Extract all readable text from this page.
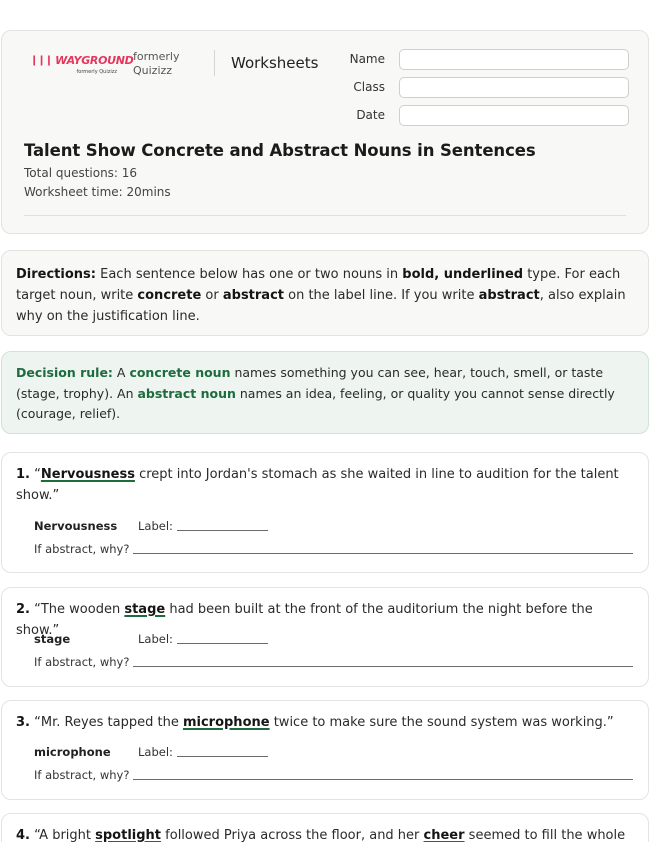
❙❙❙ WAYGROUND
formerly Quizizz
formerly
Quizizz	Worksheets	Name
Class
Date
Talent Show Concrete and Abstract Nouns in Sentences
Total questions: 16
Worksheet time: 20mins
Directions: Each sentence below has one or two nouns in bold, underlined type. For each target noun, write concrete or abstract on the label line. If you write abstract, also explain why on the justification line.
Decision rule: A concrete noun names something you can see, hear, touch, smell, or taste (stage, trophy). An abstract noun names an idea, feeling, or quality you cannot sense directly (courage, relief).
1. “Nervousness crept into Jordan's stomach as she waited in line to audition for the talent show.”
Nervousness Label:
If abstract, why?
2. “The wooden stage had been built at the front of the auditorium the night before the show.”
stage	Label:
If abstract, why?
3. “Mr. Reyes tapped the microphone twice to make sure the sound system was working.”
microphone Label:
If abstract, why?
4. “A bright spotlight followed Priya across the floor, and her cheer seemed to fill the whole
